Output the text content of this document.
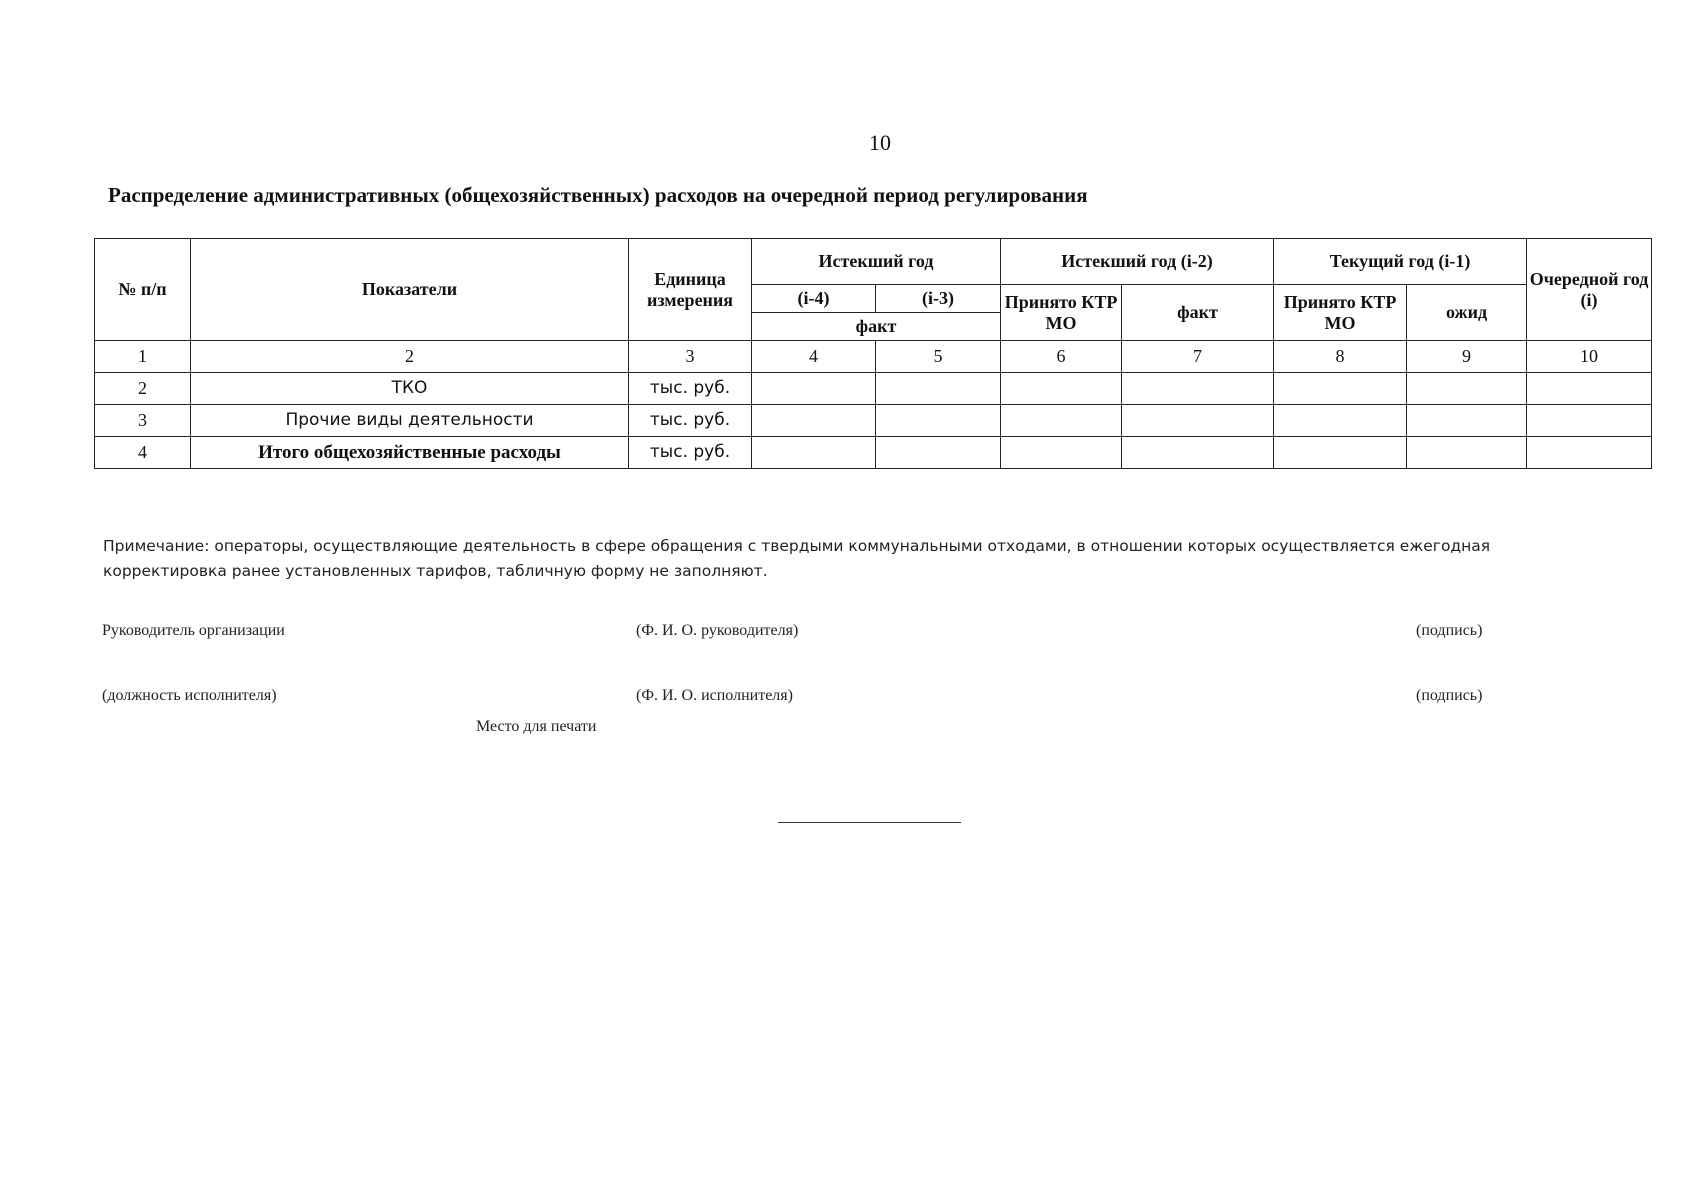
10
Распределение административных (общехозяйственных) расходов на очередной период регулирования
№ п/п	Показатели	Единица измерения	Истекший год		Истекший год (i-2)		Текущий год (i-1)		Очередной год (i)
			(i-4)	(i-3)	Принято КТР МО	факт	Принято КТР МО	ожид	
			факт						
1	2	3	4	5	6	7	8	9	10
2	ТКО	тыс. руб.							
3	Прочие виды деятельности	тыс. руб.							
4	Итого общехозяйственные расходы	тыс. руб.							
Примечание: операторы, осуществляющие деятельность в сфере обращения с твердыми коммунальными отходами, в отношении которых осуществляется ежегодная корректировка ранее установленных тарифов, табличную форму не заполняют.
Руководитель организации	(Ф. И. О. руководителя)	(подпись)
(должность исполнителя)	(Ф. И. О. исполнителя)	(подпись)
Место для печати
